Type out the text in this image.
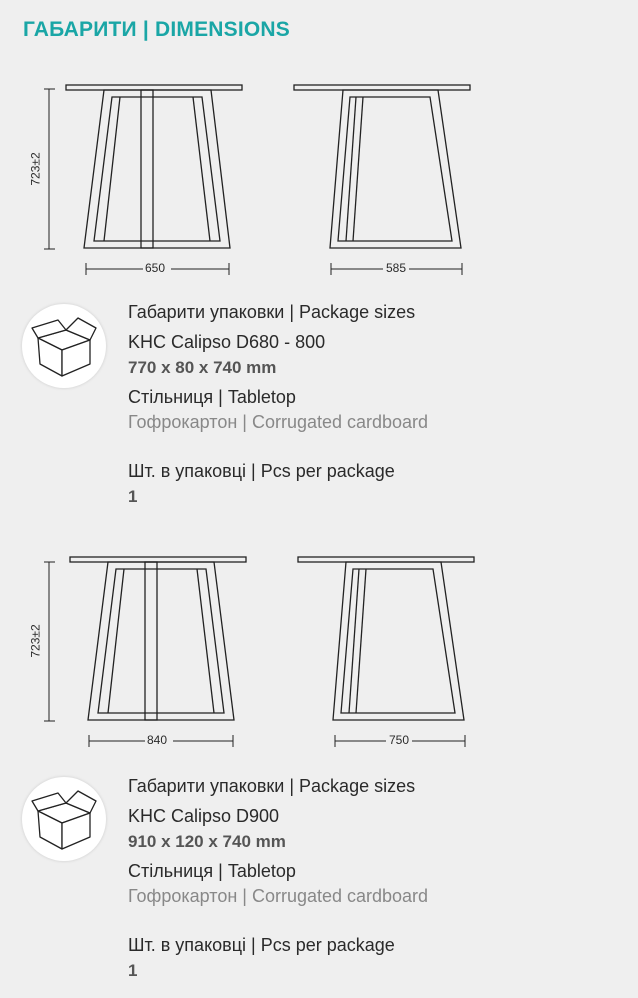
ГАБАРИТИ | DIMENSIONS
723±2
650	585
Габарити упаковки | Package sizes
KHC Calipso D680 - 800
770 x 80 x 740 mm
Стільниця | Tabletop
Гофрокартон | Corrugated cardboard
Шт. в упаковці | Pcs per package
1
723±2
840	750
Габарити упаковки | Package sizes
KHC Calipso D900
910 x 120 x 740 mm
Стільниця | Tabletop
Гофрокартон | Corrugated cardboard
Шт. в упаковці | Pcs per package
1
